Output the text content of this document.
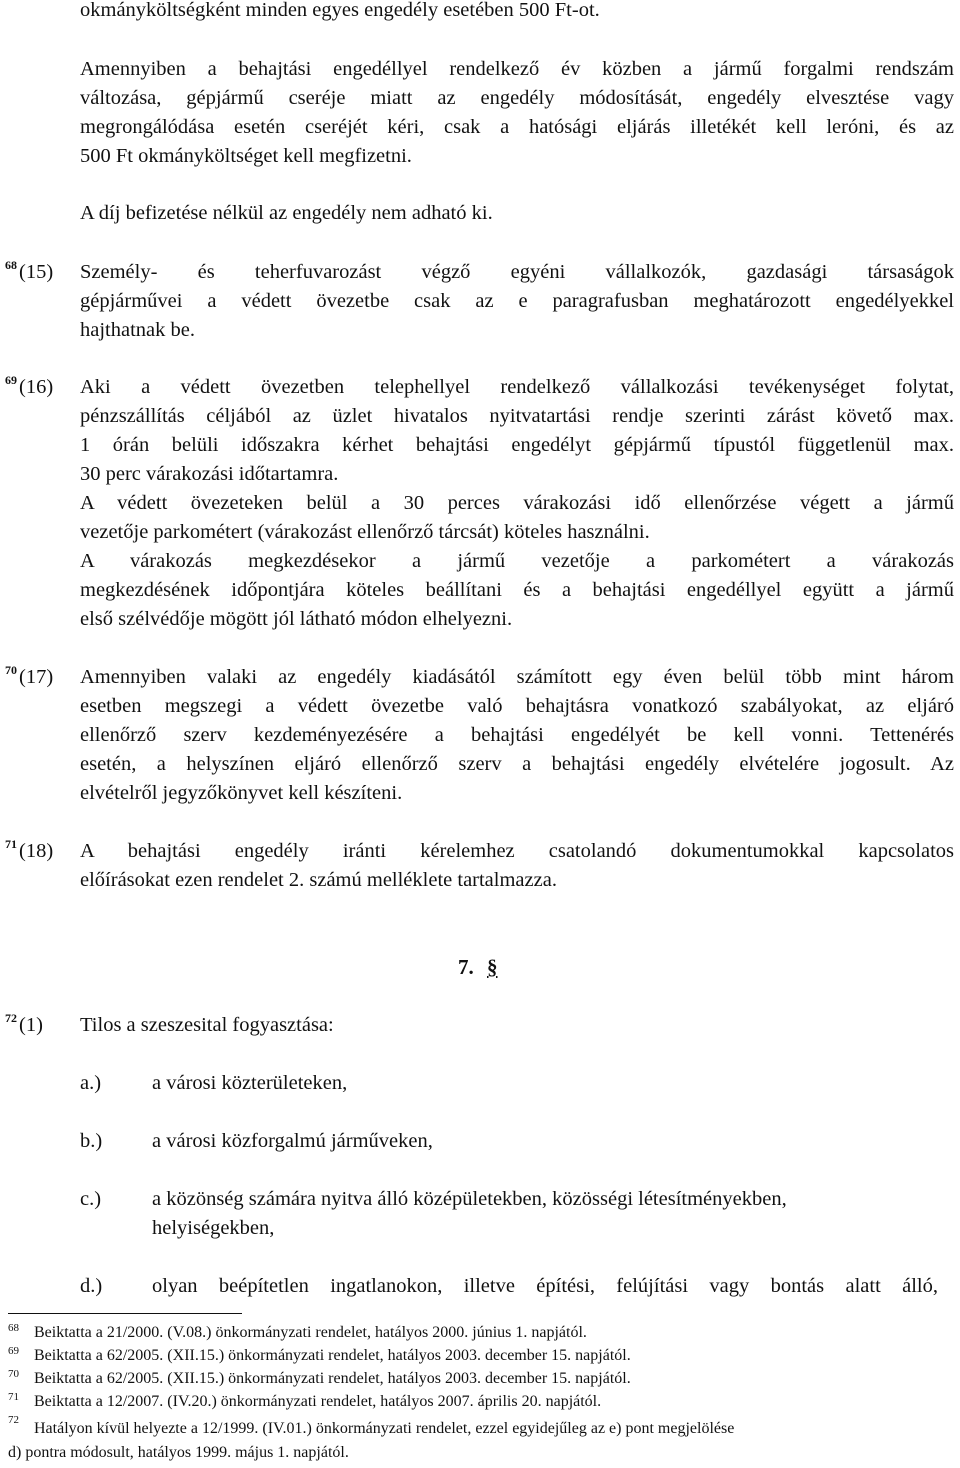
okmányköltségként minden egyes engedély esetében 500 Ft-ot.
Amennyiben a behajtási engedéllyel rendelkező év közben a jármű forgalmi rendszám
változása, gépjármű cseréje miatt az engedély módosítását, engedély elvesztése vagy
megrongálódása esetén cseréjét kéri, csak a hatósági eljárás illetékét kell leróni, és az
500 Ft okmányköltséget kell megfizetni.
A díj befizetése nélkül az engedély nem adható ki.
68 (15) Személy- és teherfuvarozást végző egyéni vállalkozók, gazdasági társaságok
gépjárművei a védett övezetbe csak az e paragrafusban meghatározott engedélyekkel
hajthatnak be.
69 (16) Aki a védett övezetben telephellyel rendelkező vállalkozási tevékenységet folytat,
pénzszállítás céljából az üzlet hivatalos nyitvatartási rendje szerinti zárást követő max.
1 órán belüli időszakra kérhet behajtási engedélyt gépjármű típustól függetlenül max.
30 perc várakozási időtartamra.
A védett övezeteken belül a 30 perces várakozási idő ellenőrzése végett a jármű
vezetője parkométert (várakozást ellenőrző tárcsát) köteles használni.
A várakozás megkezdésekor a jármű vezetője a parkométert a várakozás
megkezdésének időpontjára köteles beállítani és a behajtási engedéllyel együtt a jármű
első szélvédője mögött jól látható módon elhelyezni.
70 (17) Amennyiben valaki az engedély kiadásától számított egy éven belül több mint három
esetben megszegi a védett övezetbe való behajtásra vonatkozó szabályokat, az eljáró
ellenőrző szerv kezdeményezésére a behajtási engedélyét be kell vonni. Tettenérés
esetén, a helyszínen eljáró ellenőrző szerv a behajtási engedély elvételére jogosult. Az
elvételről jegyzőkönyvet kell készíteni.
71 (18) A behajtási engedély iránti kérelemhez csatolandó dokumentumokkal kapcsolatos
előírásokat ezen rendelet 2. számú melléklete tartalmazza.
7. §
72 (1) Tilos a szeszesital fogyasztása:
a.) a városi közterületeken,
b.) a városi közforgalmú járműveken,
c.) a közönség számára nyitva álló középületekben, közösségi létesítményekben,
helyiségekben,
d.) olyan beépítetlen ingatlanokon, illetve építési, felújítási vagy bontás alatt álló,
68 Beiktatta a 21/2000. (V.08.) önkormányzati rendelet, hatályos 2000. június 1. napjától.
69 Beiktatta a 62/2005. (XII.15.) önkormányzati rendelet, hatályos 2003. december 15. napjától.
70 Beiktatta a 62/2005. (XII.15.) önkormányzati rendelet, hatályos 2003. december 15. napjától.
71 Beiktatta a 12/2007. (IV.20.) önkormányzati rendelet, hatályos 2007. április 20. napjától.
72 Hatályon kívül helyezte a 12/1999. (IV.01.) önkormányzati rendelet, ezzel egyidejűleg az e) pont megjelölése
d) pontra módosult, hatályos 1999. május 1. napjától.
